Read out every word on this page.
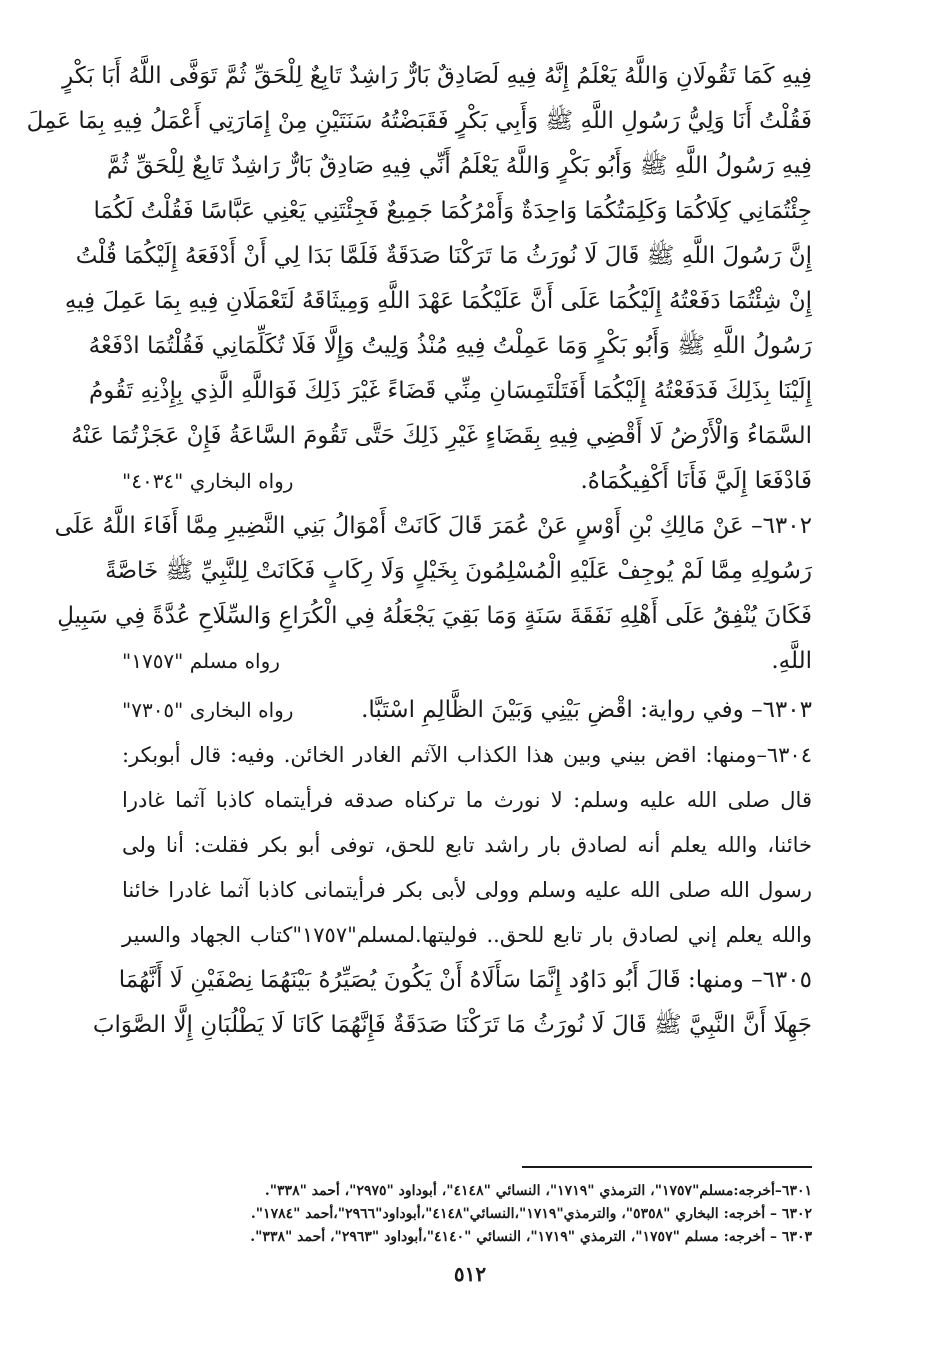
فِيهِ كَمَا تَقُولَانِ وَاللَّهُ يَعْلَمُ إِنَّهُ فِيهِ لَصَادِقٌ بَارٌّ رَاشِدٌ تَابِعٌ لِلْحَقِّ ثُمَّ تَوَفَّى اللَّهُ أَبَا بَكْرٍ
فَقُلْتُ أَنَا وَلِيُّ رَسُولِ اللَّهِ ﷺ وَأَبِي بَكْرٍ فَقَبَضْتُهُ سَنَتَيْنِ مِنْ إِمَارَتِي أَعْمَلُ فِيهِ بِمَا عَمِلَ
فِيهِ رَسُولُ اللَّهِ ﷺ وَأَبُو بَكْرٍ وَاللَّهُ يَعْلَمُ أَنِّي فِيهِ صَادِقٌ بَارٌّ رَاشِدٌ تَابِعٌ لِلْحَقِّ ثُمَّ
جِئْتُمَانِي كِلَاكُمَا وَكَلِمَتُكُمَا وَاحِدَةٌ وَأَمْرُكُمَا جَمِيعٌ فَجِئْتَنِي يَعْنِي عَبَّاسًا فَقُلْتُ لَكُمَا
إِنَّ رَسُولَ اللَّهِ ﷺ قَالَ لَا نُورَثُ مَا تَرَكْنَا صَدَقَةٌ فَلَمَّا بَدَا لِي أَنْ أَدْفَعَهُ إِلَيْكُمَا قُلْتُ
إِنْ شِئْتُمَا دَفَعْتُهُ إِلَيْكُمَا عَلَى أَنَّ عَلَيْكُمَا عَهْدَ اللَّهِ وَمِيثَاقَهُ لَتَعْمَلَانِ فِيهِ بِمَا عَمِلَ فِيهِ
رَسُولُ اللَّهِ ﷺ وَأَبُو بَكْرٍ وَمَا عَمِلْتُ فِيهِ مُنْذُ وَلِيتُ وَإِلَّا فَلَا تُكَلِّمَانِي فَقُلْتُمَا ادْفَعْهُ
إِلَيْنَا بِذَلِكَ فَدَفَعْتُهُ إِلَيْكُمَا أَفَتَلْتَمِسَانِ مِنِّي قَضَاءً غَيْرَ ذَلِكَ فَوَاللَّهِ الَّذِي بِإِذْنِهِ تَقُومُ
السَّمَاءُ وَالْأَرْضُ لَا أَقْضِي فِيهِ بِقَضَاءٍ غَيْرِ ذَلِكَ حَتَّى تَقُومَ السَّاعَةُ فَإِنْ عَجَزْتُمَا عَنْهُ
فَادْفَعَا إِلَيَّ فَأَنَا أَكْفِيكُمَاهُ.
رواه البخاري "٤٠٣٤"
٦٣٠٢– عَنْ مَالِكِ بْنِ أَوْسٍ عَنْ عُمَرَ قَالَ كَانَتْ أَمْوَالُ بَنِي النَّضِيرِ مِمَّا أَفَاءَ اللَّهُ عَلَى
رَسُولِهِ مِمَّا لَمْ يُوجِفْ عَلَيْهِ الْمُسْلِمُونَ بِخَيْلٍ وَلَا رِكَابٍ فَكَانَتْ لِلنَّبِيِّ ﷺ خَاصَّةً
فَكَانَ يُنْفِقُ عَلَى أَهْلِهِ نَفَقَةَ سَنَةٍ وَمَا بَقِيَ يَجْعَلُهُ فِي الْكُرَاعِ وَالسِّلَاحِ عُدَّةً فِي سَبِيلِ
اللَّهِ.
رواه مسلم "١٧٥٧"
٦٣٠٣– وفي رواية: اقْضِ بَيْنِي وَبَيْنَ الظَّالِمِ اسْتَبَّا.
رواه البخارى "٧٣٠٥"
٦٣٠٤–ومنها: اقض بيني وبين هذا الكذاب الآثم الغادر الخائن. وفيه: قال أبوبكر:
قال صلى الله عليه وسلم: لا نورث ما تركناه صدقه فرأيتماه كاذبا آثما غادرا
خائنا، والله يعلم أنه لصادق بار راشد تابع للحق، توفى أبو بكر فقلت: أنا ولى
رسول الله صلى الله عليه وسلم وولى لأبى بكر فرأيتمانى كاذبا آثما غادرا خائنا
والله يعلم إني لصادق بار تابع للحق.. فوليتها.لمسلم"١٧٥٧"كتاب الجهاد والسير
٦٣٠٥– ومنها: قَالَ أَبُو دَاوُد إِنَّمَا سَأَلَاهُ أَنْ يَكُونَ يُصَيِّرُهُ بَيْنَهُمَا نِصْفَيْنِ لَا أَنَّهُمَا
جَهِلَا أَنَّ النَّبِيَّ ﷺ قَالَ لَا نُورَثُ مَا تَرَكْنَا صَدَقَةٌ فَإِنَّهُمَا كَانَا لَا يَطْلُبَانِ إِلَّا الصَّوَابَ
٦٣٠١–أخرجه:مسلم"١٧٥٧"، الترمذي "١٧١٩"، النسائي "٤١٤٨"، أبوداود "٢٩٧٥"، أحمد "٣٣٨".
٦٣٠٢ – أخرجه: البخاري "٥٣٥٨"، والترمذي"١٧١٩"،النسائي"٤١٤٨"،أبوداود"٢٩٦٦"،أحمد "١٧٨٤".
٦٣٠٣ – أخرجه: مسلم "١٧٥٧"، الترمذي "١٧١٩"، النسائي "٤١٤٠"،أبوداود "٢٩٦٣"، أحمد "٣٣٨".
٥١٢
